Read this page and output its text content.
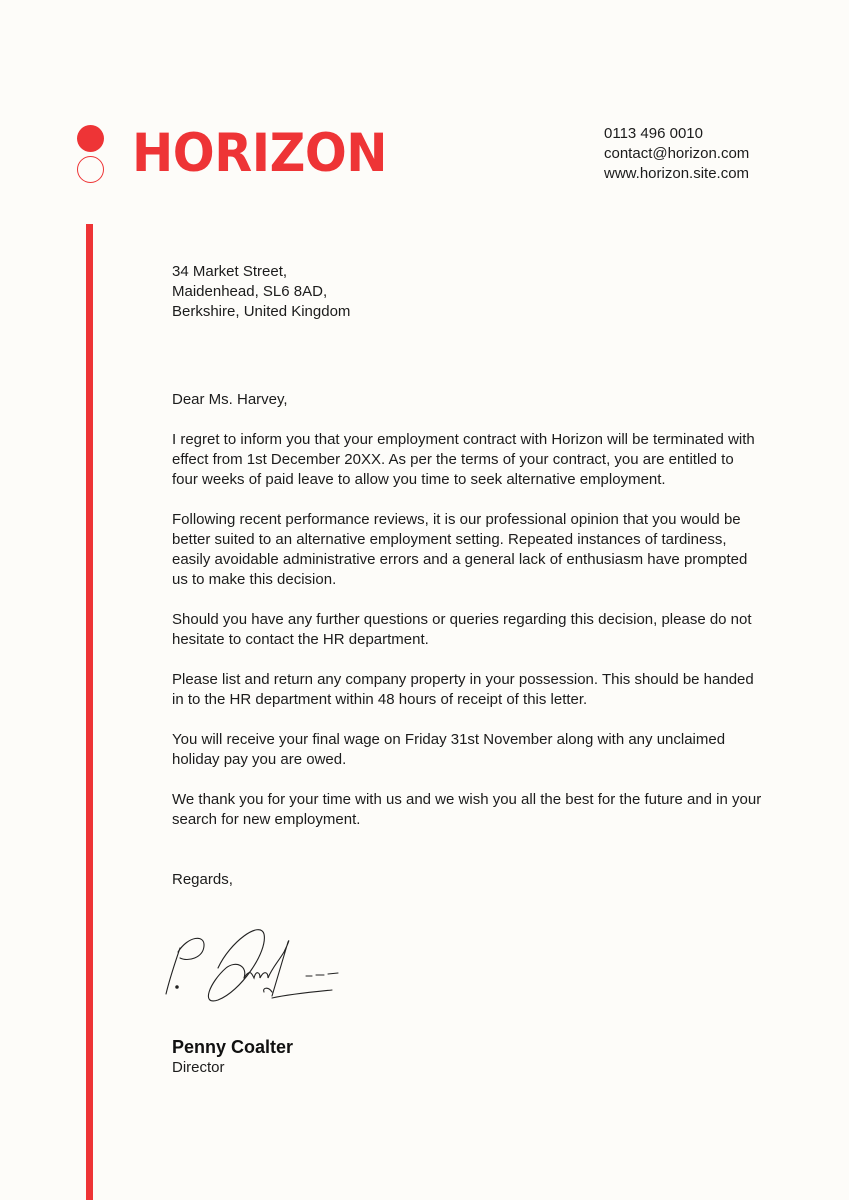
HORIZON	0113 496 0010
contact@horizon.com
www.horizon.site.com
34 Market Street,
Maidenhead, SL6 8AD,
Berkshire, United Kingdom
Dear Ms. Harvey,

I regret to inform you that your employment contract with Horizon will be terminated with effect from 1st December 20XX. As per the terms of your contract, you are entitled to four weeks of paid leave to allow you time to seek alternative employment.

Following recent performance reviews, it is our professional opinion that you would be better suited to an alternative employment setting. Repeated instances of tardiness, easily avoidable administrative errors and a general lack of enthusiasm have prompted us to make this decision.

Should you have any further questions or queries regarding this decision, please do not hesitate to contact the HR department.

Please list and return any company property in your possession. This should be handed in to the HR department within 48 hours of receipt of this letter.

You will receive your final wage on Friday 31st November along with any unclaimed holiday pay you are owed.

We thank you for your time with us and we wish you all the best for the future and in your search for new employment.

Regards,
Penny Coalter
Director
